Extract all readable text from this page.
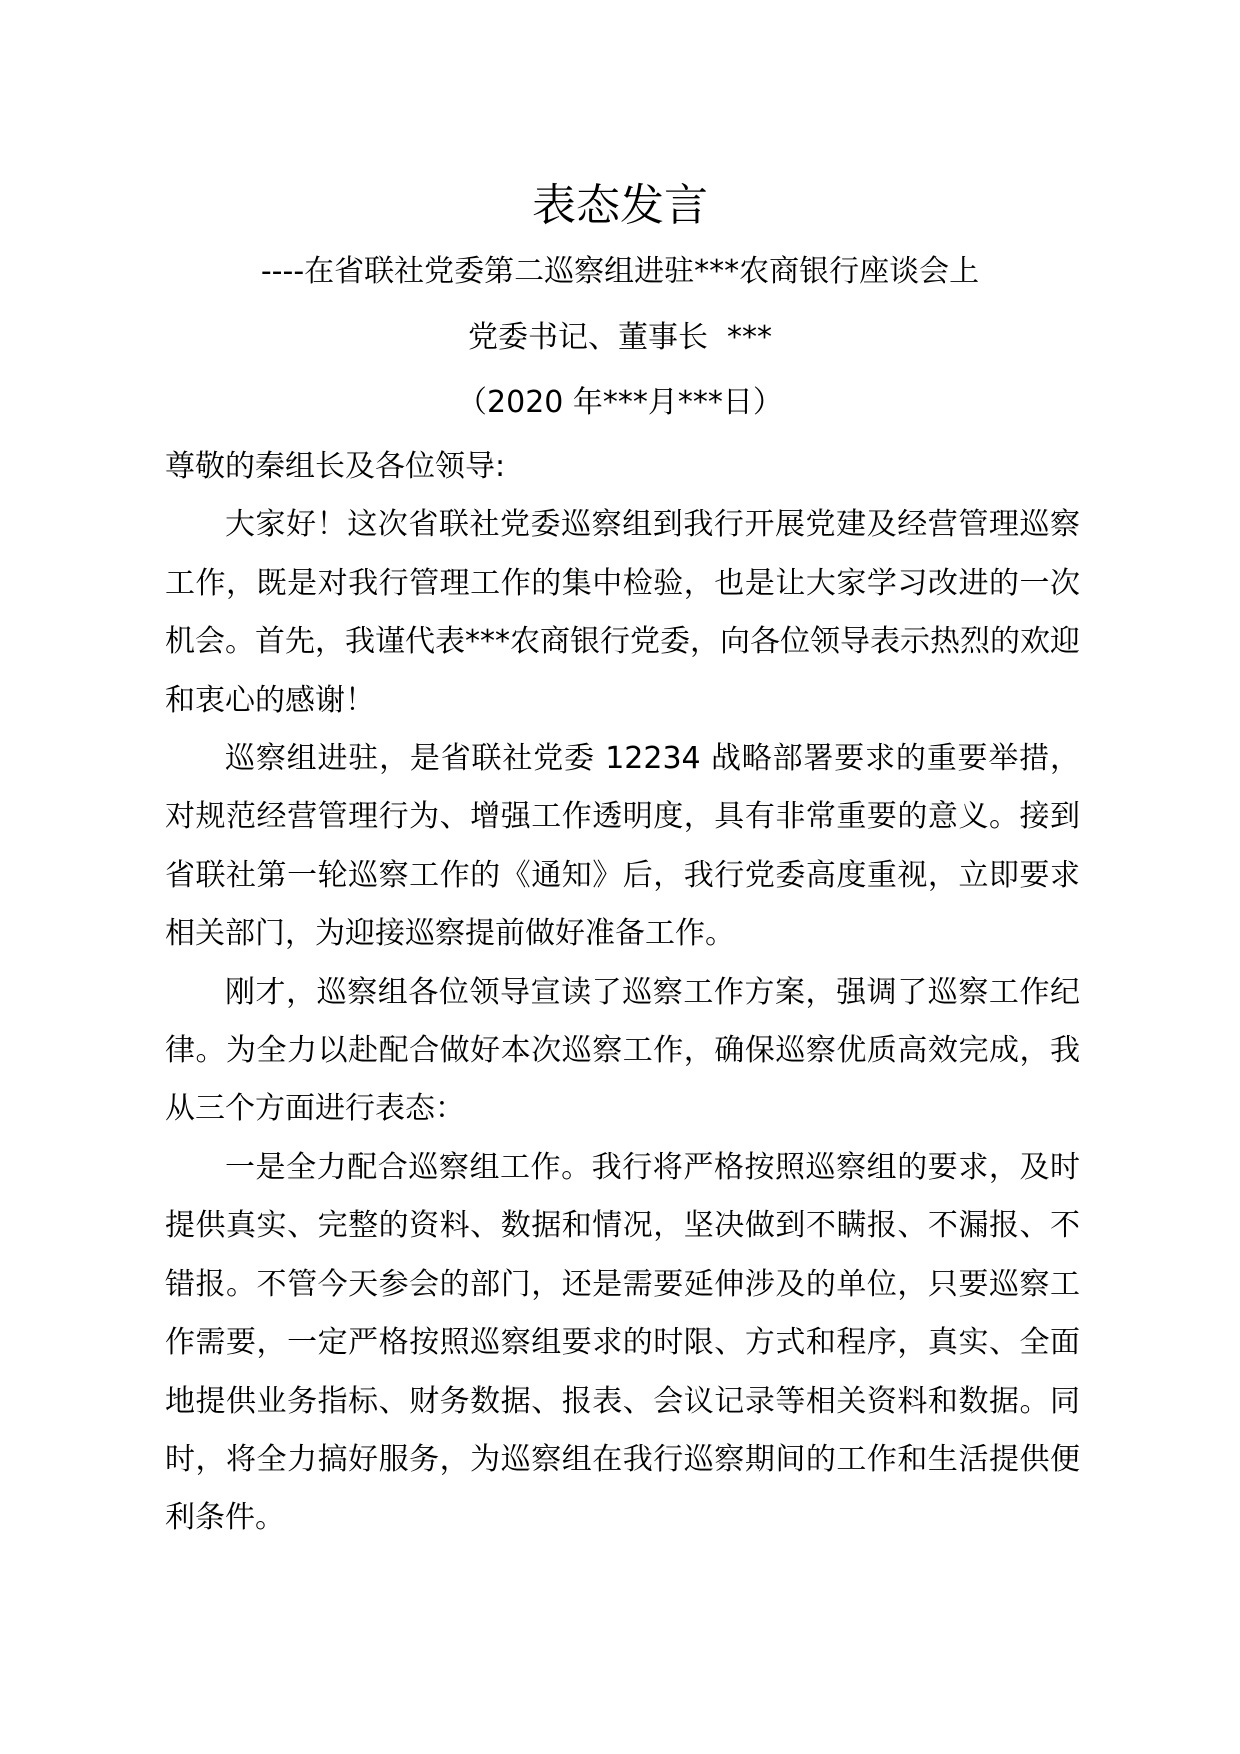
表态发言

----在省联社党委第二巡察组进驻***农商银行座谈会上

党委书记、董事长  ***

（2020 年***月***日）

尊敬的秦组长及各位领导:

大家好！这次省联社党委巡察组到我行开展党建及经营管理巡察工作，既是对我行管理工作的集中检验，也是让大家学习改进的一次机会。首先，我谨代表***农商银行党委，向各位领导表示热烈的欢迎和衷心的感谢！

巡察组进驻，是省联社党委 12234 战略部署要求的重要举措，对规范经营管理行为、增强工作透明度，具有非常重要的意义。接到省联社第一轮巡察工作的《通知》后，我行党委高度重视，立即要求相关部门，为迎接巡察提前做好准备工作。

刚才，巡察组各位领导宣读了巡察工作方案，强调了巡察工作纪律。为全力以赴配合做好本次巡察工作，确保巡察优质高效完成，我从三个方面进行表态：

一是全力配合巡察组工作。我行将严格按照巡察组的要求，及时提供真实、完整的资料、数据和情况，坚决做到不瞒报、不漏报、不错报。不管今天参会的部门，还是需要延伸涉及的单位，只要巡察工作需要，一定严格按照巡察组要求的时限、方式和程序，真实、全面地提供业务指标、财务数据、报表、会议记录等相关资料和数据。同时，将全力搞好服务，为巡察组在我行巡察期间的工作和生活提供便利条件。
